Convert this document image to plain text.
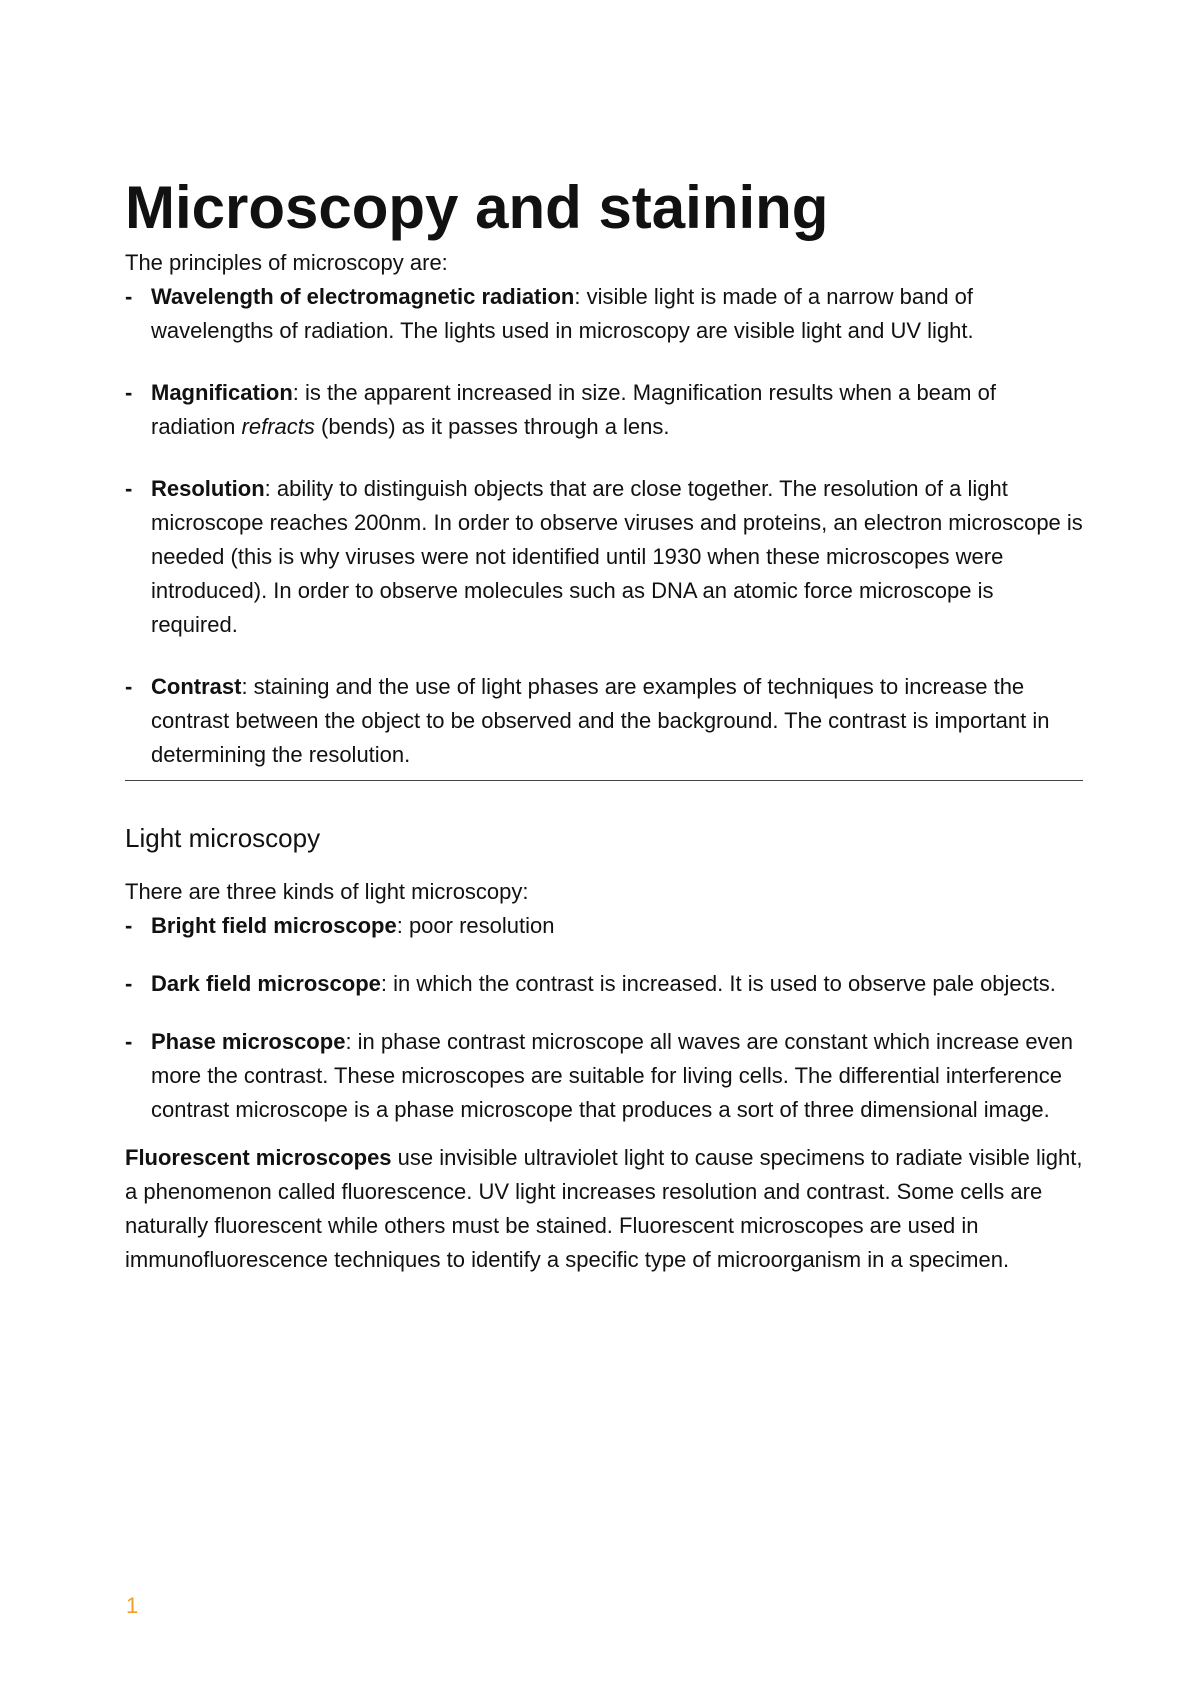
Microscopy and staining

The principles of microscopy are:

- Wavelength of electromagnetic radiation: visible light is made of a narrow band of wavelengths of radiation. The lights used in microscopy are visible light and UV light.
- Magnification: is the apparent increased in size. Magnification results when a beam of radiation refracts (bends) as it passes through a lens.
- Resolution: ability to distinguish objects that are close together. The resolution of a light microscope reaches 200nm. In order to observe viruses and proteins, an electron microscope is needed (this is why viruses were not identified until 1930 when these microscopes were introduced). In order to observe molecules such as DNA an atomic force microscope is required.
- Contrast: staining and the use of light phases are examples of techniques to increase the contrast between the object to be observed and the background. The contrast is important in determining the resolution.
Light microscopy

There are three kinds of light microscopy:

- Bright field microscope: poor resolution
- Dark field microscope: in which the contrast is increased. It is used to observe pale objects.
- Phase microscope: in phase contrast microscope all waves are constant which increase even more the contrast. These microscopes are suitable for living cells. The differential interference contrast microscope is a phase microscope that produces a sort of three dimensional image.

Fluorescent microscopes use invisible ultraviolet light to cause specimens to radiate visible light, a phenomenon called fluorescence. UV light increases resolution and contrast. Some cells are naturally fluorescent while others must be stained. Fluorescent microscopes are used in immunofluorescence techniques to identify a specific type of microorganism in a specimen.

1
